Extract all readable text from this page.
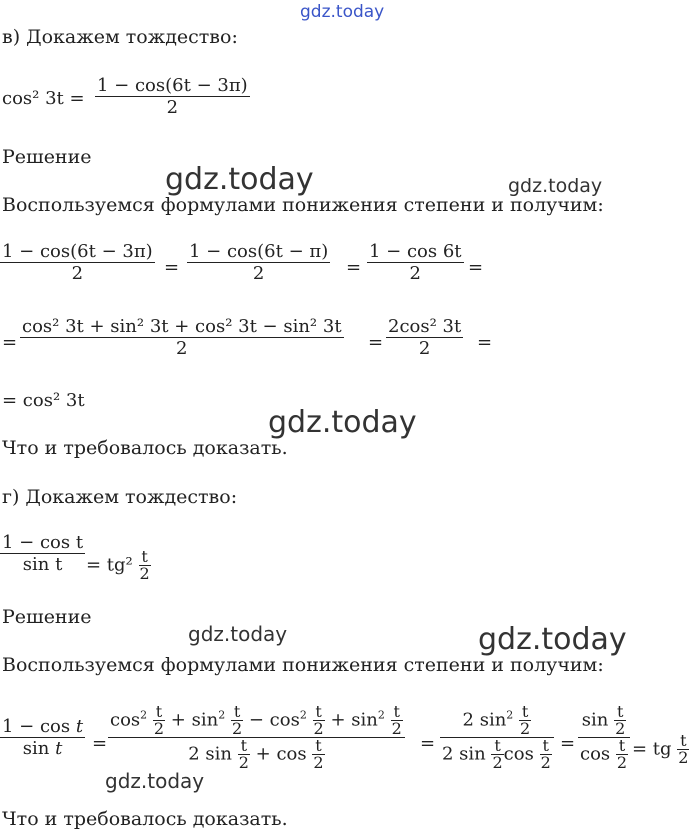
gdz.today
gdz.today	gdz.today
gdz.today
gdz.today	gdz.today
gdz.today
в) Докажем тождество:
cos² 3t =
1 − cos(6t − 3π)
2
Решение
Воспользуемся формулами понижения степени и получим:
1 − cos(6t − 3π)
2	=
1 − cos(6t − π)
2	=
1 − cos 6t
2	=
=
cos² 3t + sin² 3t + cos² 3t − sin² 3t
2	=
2cos² 3t
2	=
= cos² 3t
Что и требовалось доказать.
г) Докажем тождество:
1 − cos t
sin t	= $tg^2 \frac{t}{2}$
Решение
Воспользуемся формулами понижения степени и получим:
1 − cos t
sin t	=
$\cos^2 \frac{t}{2} + \sin^2 \frac{t}{2} - \cos^2 \frac{t}{2} + \sin^2 \frac{t}{2}$
2 $\sin \frac{t}{2} + \cos \frac{t}{2}$	=
2 $\sin^2 \frac{t}{2}$
2 $\sin \frac{t}{2}$ $\cos \frac{t}{2}$ =
$\sin \frac{t}{2}$
$\cos \frac{t}{2}$ = tg $\frac{t}{2}$
Что и требовалось доказать.
